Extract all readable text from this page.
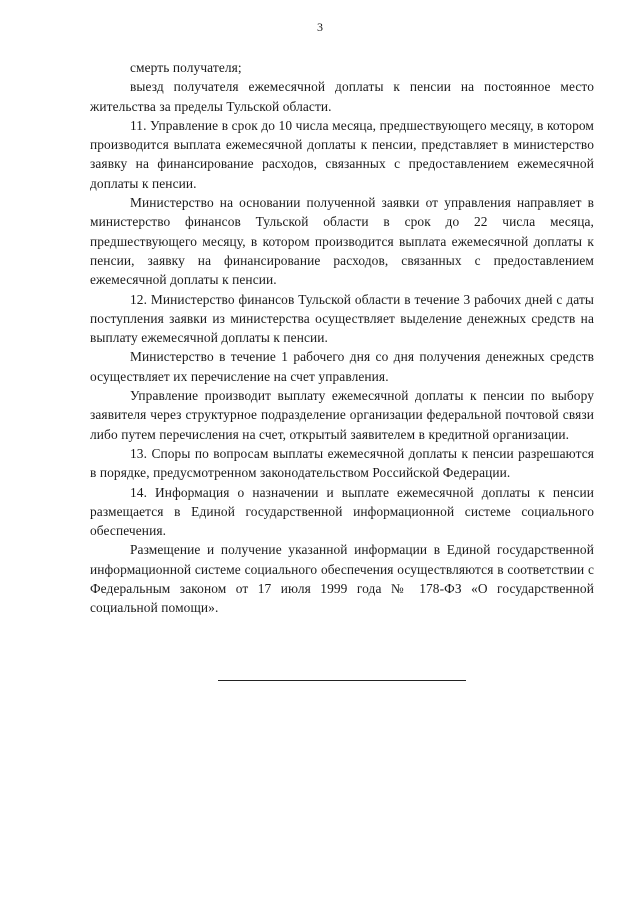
3

смерть получателя;

выезд получателя ежемесячной доплаты к пенсии на постоянное место жительства за пределы Тульской области.

11. Управление в срок до 10 числа месяца, предшествующего месяцу, в котором производится выплата ежемесячной доплаты к пенсии, представляет в министерство заявку на финансирование расходов, связанных с предоставлением ежемесячной доплаты к пенсии.

Министерство на основании полученной заявки от управления направляет в министерство финансов Тульской области в срок до 22 числа месяца, предшествующего месяцу, в котором производится выплата ежемесячной доплаты к пенсии, заявку на финансирование расходов, связанных с предоставлением ежемесячной доплаты к пенсии.

12. Министерство финансов Тульской области в течение 3 рабочих дней с даты поступления заявки из министерства осуществляет выделение денежных средств на выплату ежемесячной доплаты к пенсии.

Министерство в течение 1 рабочего дня со дня получения денежных средств осуществляет их перечисление на счет управления.

Управление производит выплату ежемесячной доплаты к пенсии по выбору заявителя через структурное подразделение организации федеральной почтовой связи либо путем перечисления на счет, открытый заявителем в кредитной организации.

13. Споры по вопросам выплаты ежемесячной доплаты к пенсии разрешаются в порядке, предусмотренном законодательством Российской Федерации.

14. Информация о назначении и выплате ежемесячной доплаты к пенсии размещается в Единой государственной информационной системе социального обеспечения.

Размещение и получение указанной информации в Единой государственной информационной системе социального обеспечения осуществляются в соответствии с Федеральным законом от 17 июля 1999 года № 178-ФЗ «О государственной социальной помощи».
